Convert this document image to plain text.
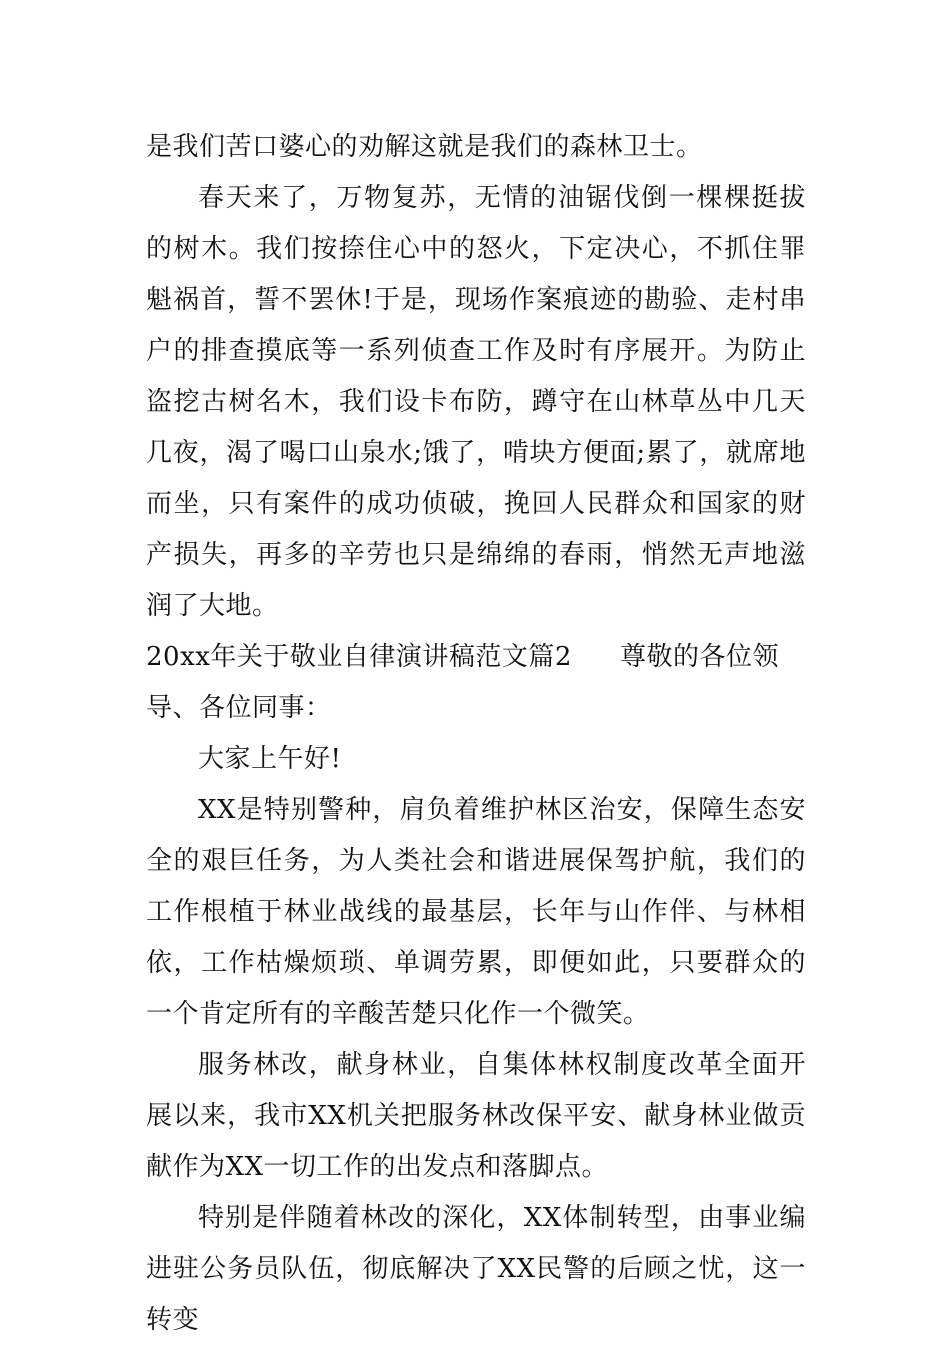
是我们苦口婆心的劝解这就是我们的森林卫士。

春天来了，万物复苏，无情的油锯伐倒一棵棵挺拔的树木。我们按捺住心中的怒火，下定决心，不抓住罪魁祸首，誓不罢休!于是，现场作案痕迹的勘验、走村串户的排查摸底等一系列侦查工作及时有序展开。为防止盗挖古树名木，我们设卡布防，蹲守在山林草丛中几天几夜，渴了喝口山泉水;饿了，啃块方便面;累了，就席地而坐，只有案件的成功侦破，挽回人民群众和国家的财产损失，再多的辛劳也只是绵绵的春雨，悄然无声地滋润了大地。

20xx年关于敬业自律演讲稿范文篇2 尊敬的各位领导、各位同事：

大家上午好!

XX是特别警种，肩负着维护林区治安，保障生态安全的艰巨任务，为人类社会和谐进展保驾护航，我们的工作根植于林业战线的最基层，长年与山作伴、与林相依，工作枯燥烦琐、单调劳累，即便如此，只要群众的一个肯定所有的辛酸苦楚只化作一个微笑。

服务林改，献身林业，自集体林权制度改革全面开展以来，我市XX机关把服务林改保平安、献身林业做贡献作为XX一切工作的出发点和落脚点。

特别是伴随着林改的深化，XX体制转型，由事业编进驻公务员队伍，彻底解决了XX民警的后顾之忧，这一转变
